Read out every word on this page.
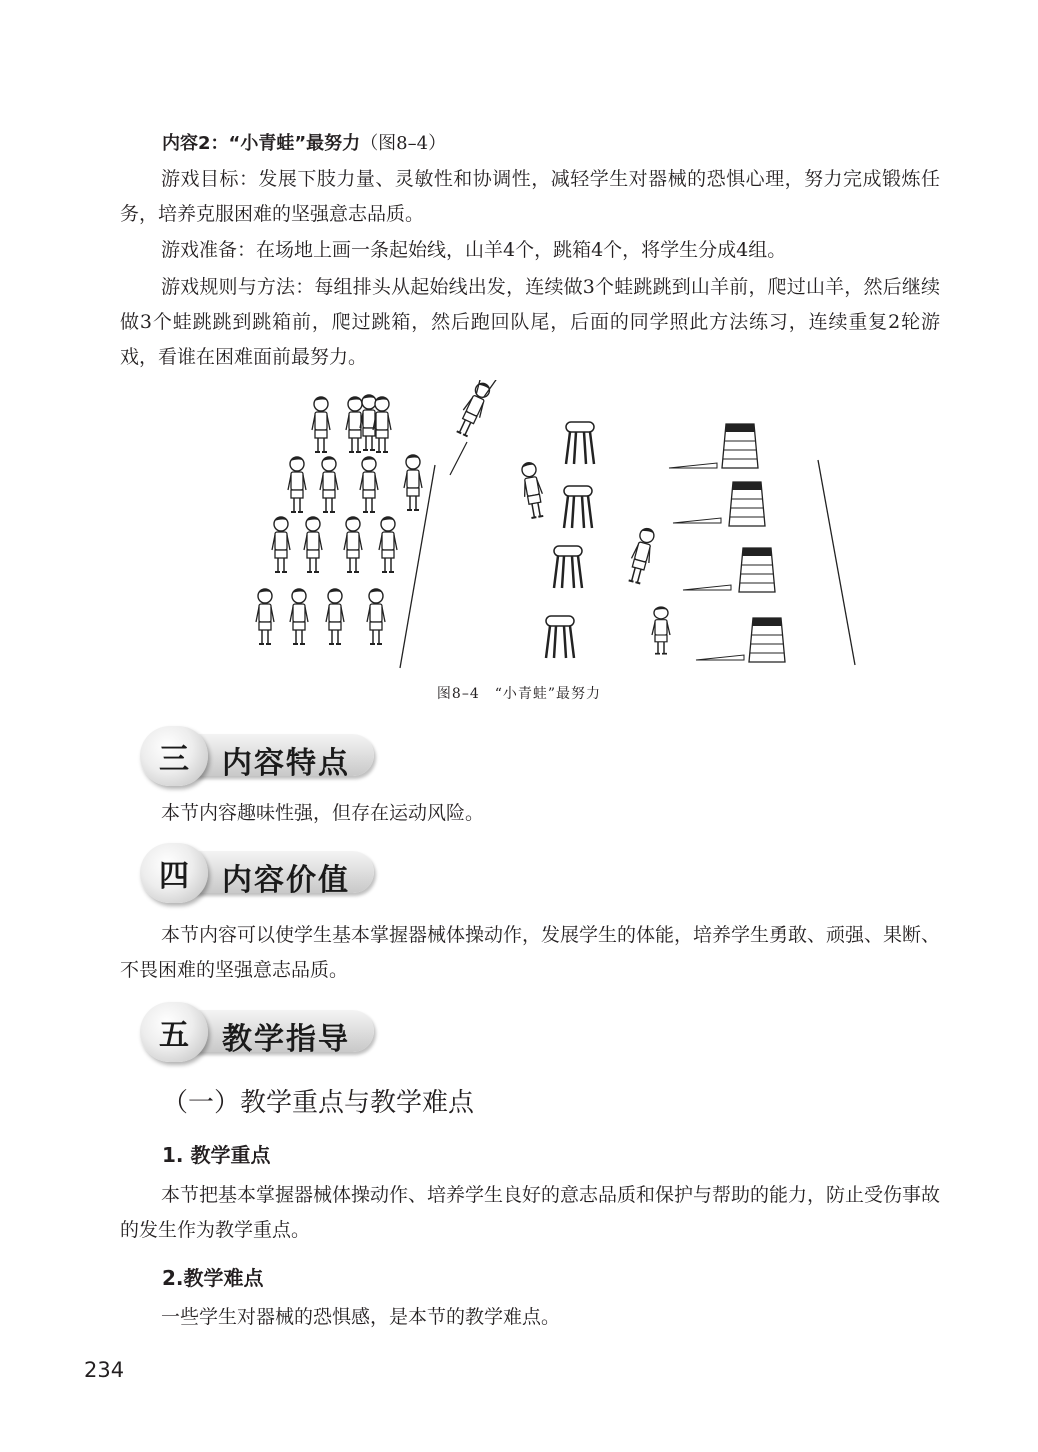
内容2：“小青蛙”最努力（图8–4）

游戏目标：发展下肢力量、灵敏性和协调性，减轻学生对器械的恐惧心理，努力完成锻炼任务，培养克服困难的坚强意志品质。

游戏准备：在场地上画一条起始线，山羊4个，跳箱4个，将学生分成4组。

游戏规则与方法：每组排头从起始线出发，连续做3个蛙跳跳到山羊前，爬过山羊，然后继续做3个蛙跳跳到跳箱前，爬过跳箱，然后跑回队尾，后面的同学照此方法练习，连续重复2轮游戏，看谁在困难面前最努力。

图8–4　“小青蛙”最努力
三	内容特点

本节内容趣味性强，但存在运动风险。

四	内容价值

本节内容可以使学生基本掌握器械体操动作，发展学生的体能，培养学生勇敢、顽强、果断、不畏困难的坚强意志品质。

五	教学指导
（一）教学重点与教学难点
1. 教学重点

本节把基本掌握器械体操动作、培养学生良好的意志品质和保护与帮助的能力，防止受伤事故的发生作为教学重点。

2.教学难点

一些学生对器械的恐惧感，是本节的教学难点。

234
